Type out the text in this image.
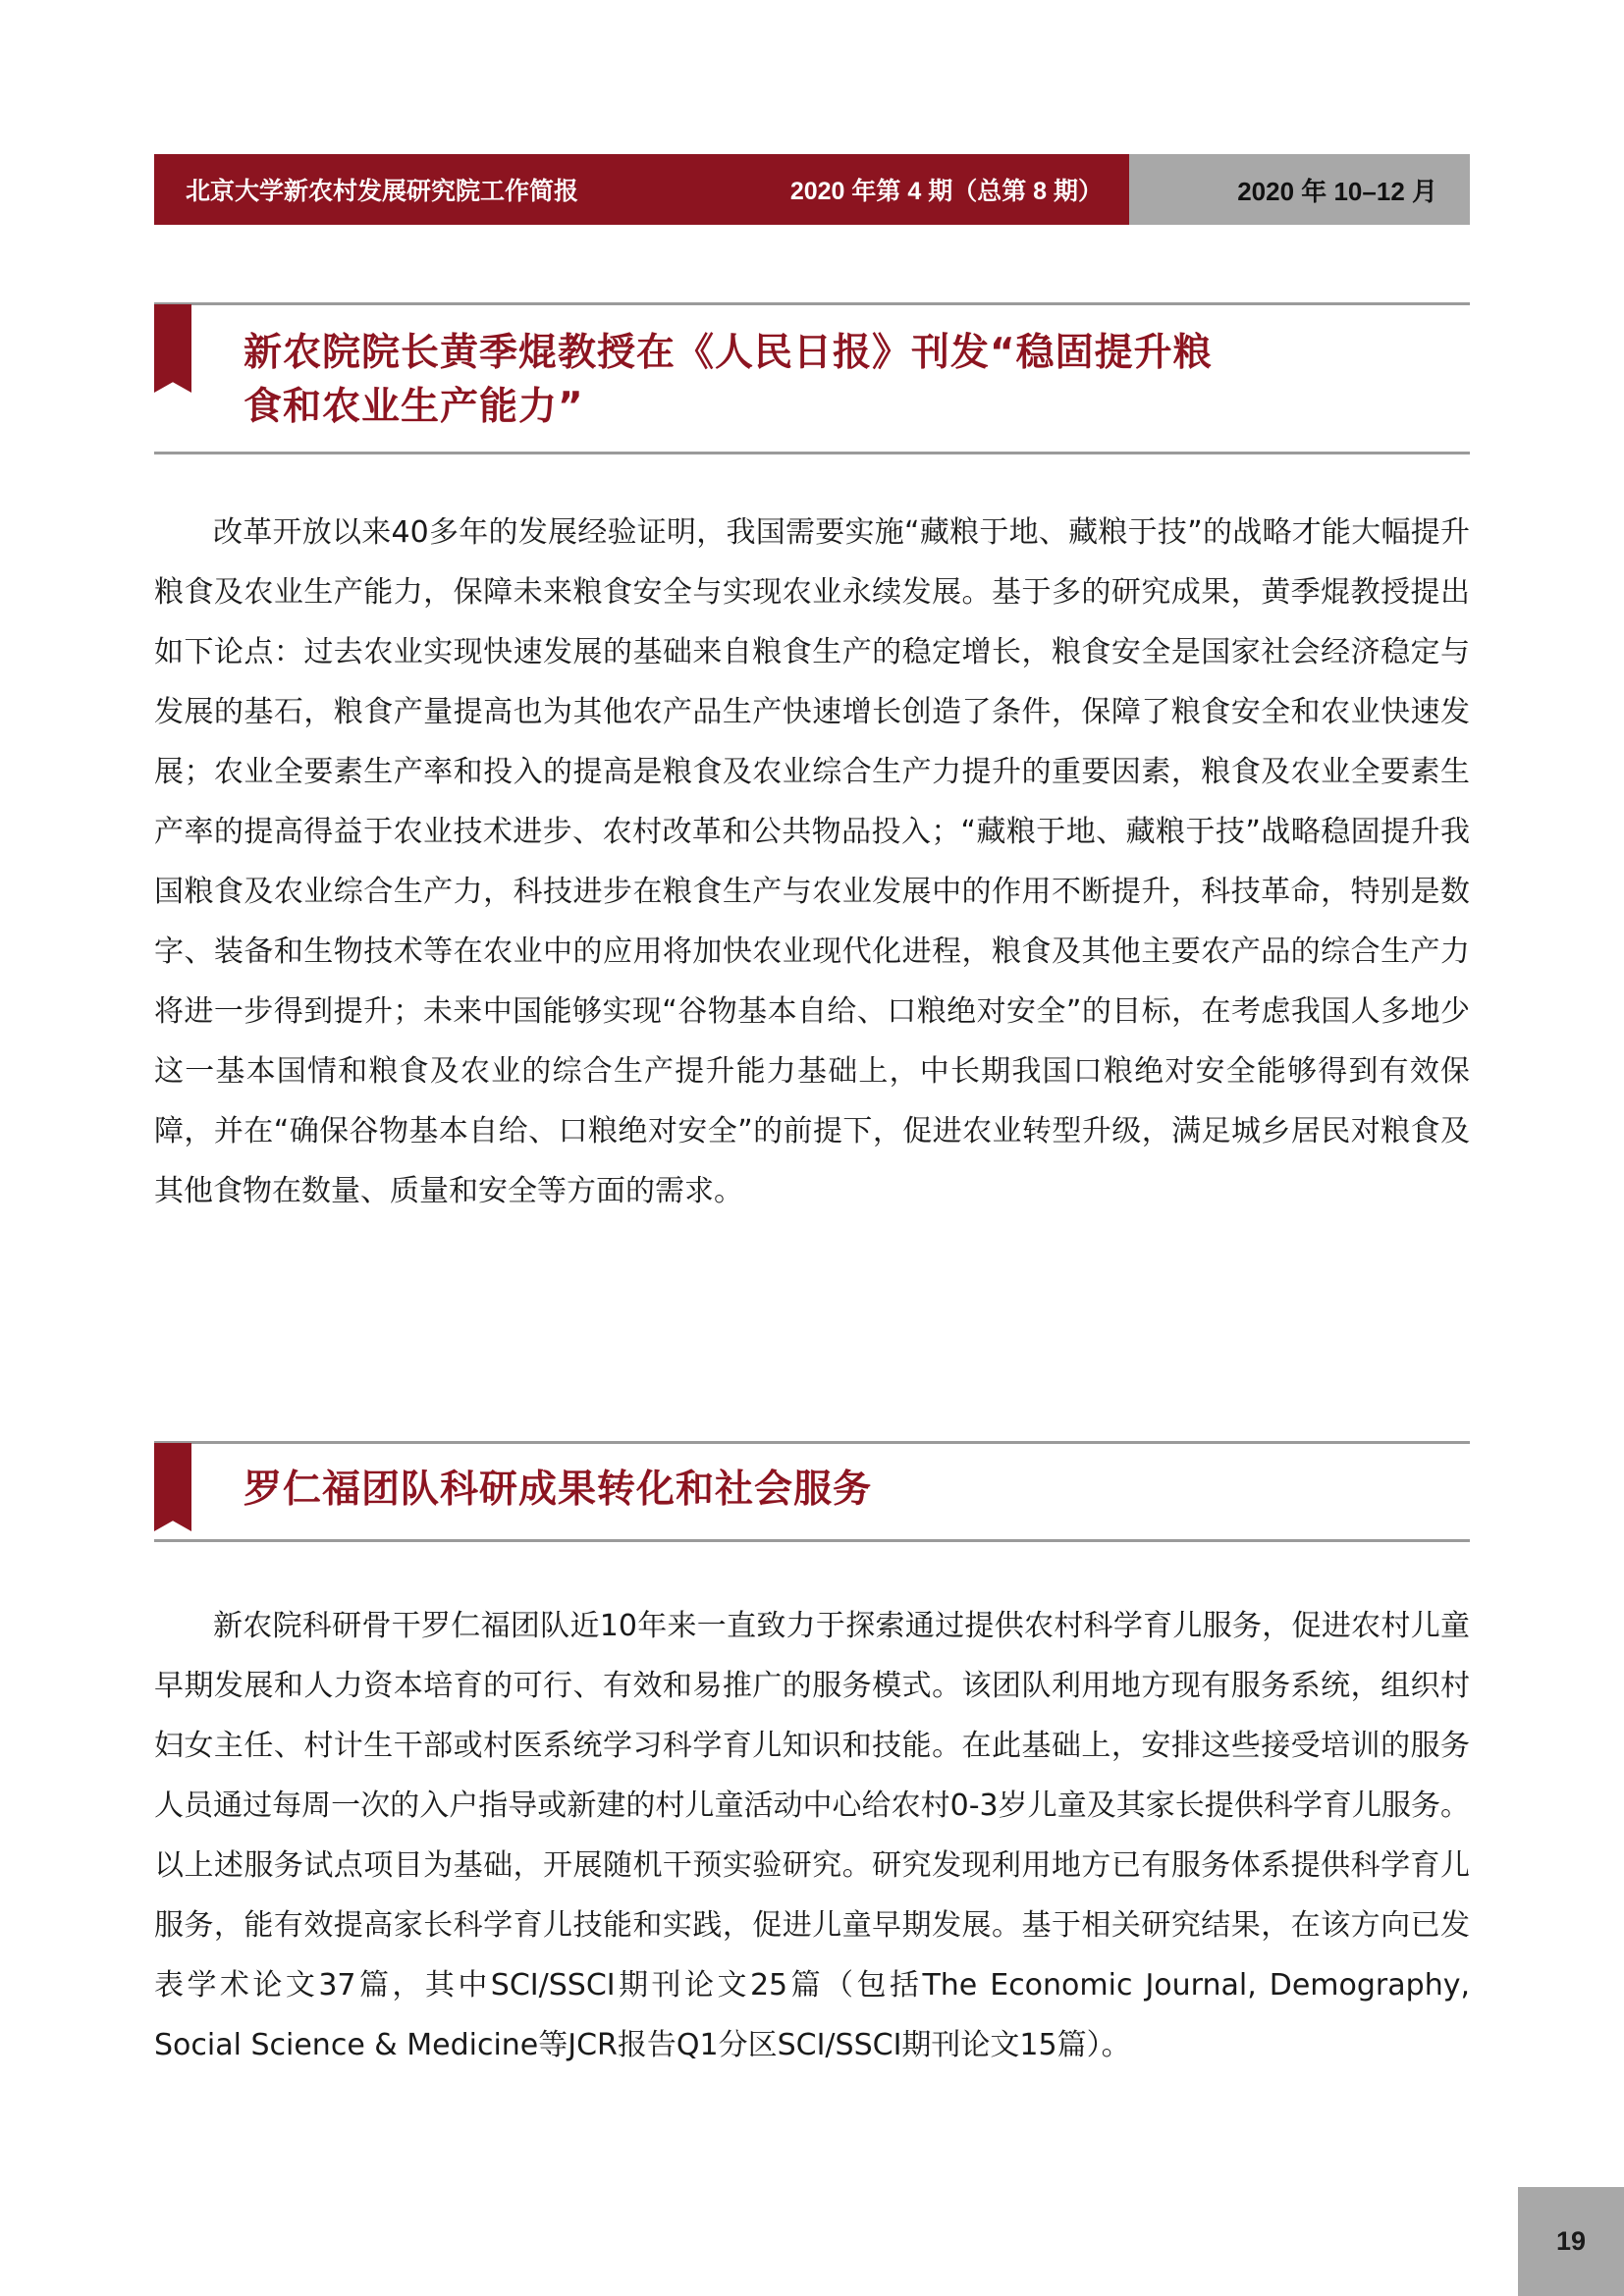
北京大学新农村发展研究院工作简报	2020 年第 4 期（总第 8 期）	2020 年 10–12 月
新农院院长黄季焜教授在《人民日报》刊发“稳固提升粮
食和农业生产能力”
改革开放以来40多年的发展经验证明，我国需要实施“藏粮于地、藏粮于技”的战略才能大幅提升粮食及农业生产能力，保障未来粮食安全与实现农业永续发展。基于多的研究成果，黄季焜教授提出如下论点：过去农业实现快速发展的基础来自粮食生产的稳定增长，粮食安全是国家社会经济稳定与发展的基石，粮食产量提高也为其他农产品生产快速增长创造了条件，保障了粮食安全和农业快速发展；农业全要素生产率和投入的提高是粮食及农业综合生产力提升的重要因素，粮食及农业全要素生产率的提高得益于农业技术进步、农村改革和公共物品投入；“藏粮于地、藏粮于技”战略稳固提升我国粮食及农业综合生产力，科技进步在粮食生产与农业发展中的作用不断提升，科技革命，特别是数字、装备和生物技术等在农业中的应用将加快农业现代化进程，粮食及其他主要农产品的综合生产力将进一步得到提升；未来中国能够实现“谷物基本自给、口粮绝对安全”的目标，在考虑我国人多地少这一基本国情和粮食及农业的综合生产提升能力基础上，中长期我国口粮绝对安全能够得到有效保障，并在“确保谷物基本自给、口粮绝对安全”的前提下，促进农业转型升级，满足城乡居民对粮食及其他食物在数量、质量和安全等方面的需求。
罗仁福团队科研成果转化和社会服务
新农院科研骨干罗仁福团队近10年来一直致力于探索通过提供农村科学育儿服务，促进农村儿童早期发展和人力资本培育的可行、有效和易推广的服务模式。该团队利用地方现有服务系统，组织村妇女主任、村计生干部或村医系统学习科学育儿知识和技能。在此基础上，安排这些接受培训的服务人员通过每周一次的入户指导或新建的村儿童活动中心给农村0-3岁儿童及其家长提供科学育儿服务。以上述服务试点项目为基础，开展随机干预实验研究。研究发现利用地方已有服务体系提供科学育儿服务，能有效提高家长科学育儿技能和实践，促进儿童早期发展。基于相关研究结果，在该方向已发表学术论文37篇，其中SCI/SSCI期刊论文25篇（包括The Economic Journal, Demography, Social Science & Medicine等JCR报告Q1分区SCI/SSCI期刊论文15篇）。
19
